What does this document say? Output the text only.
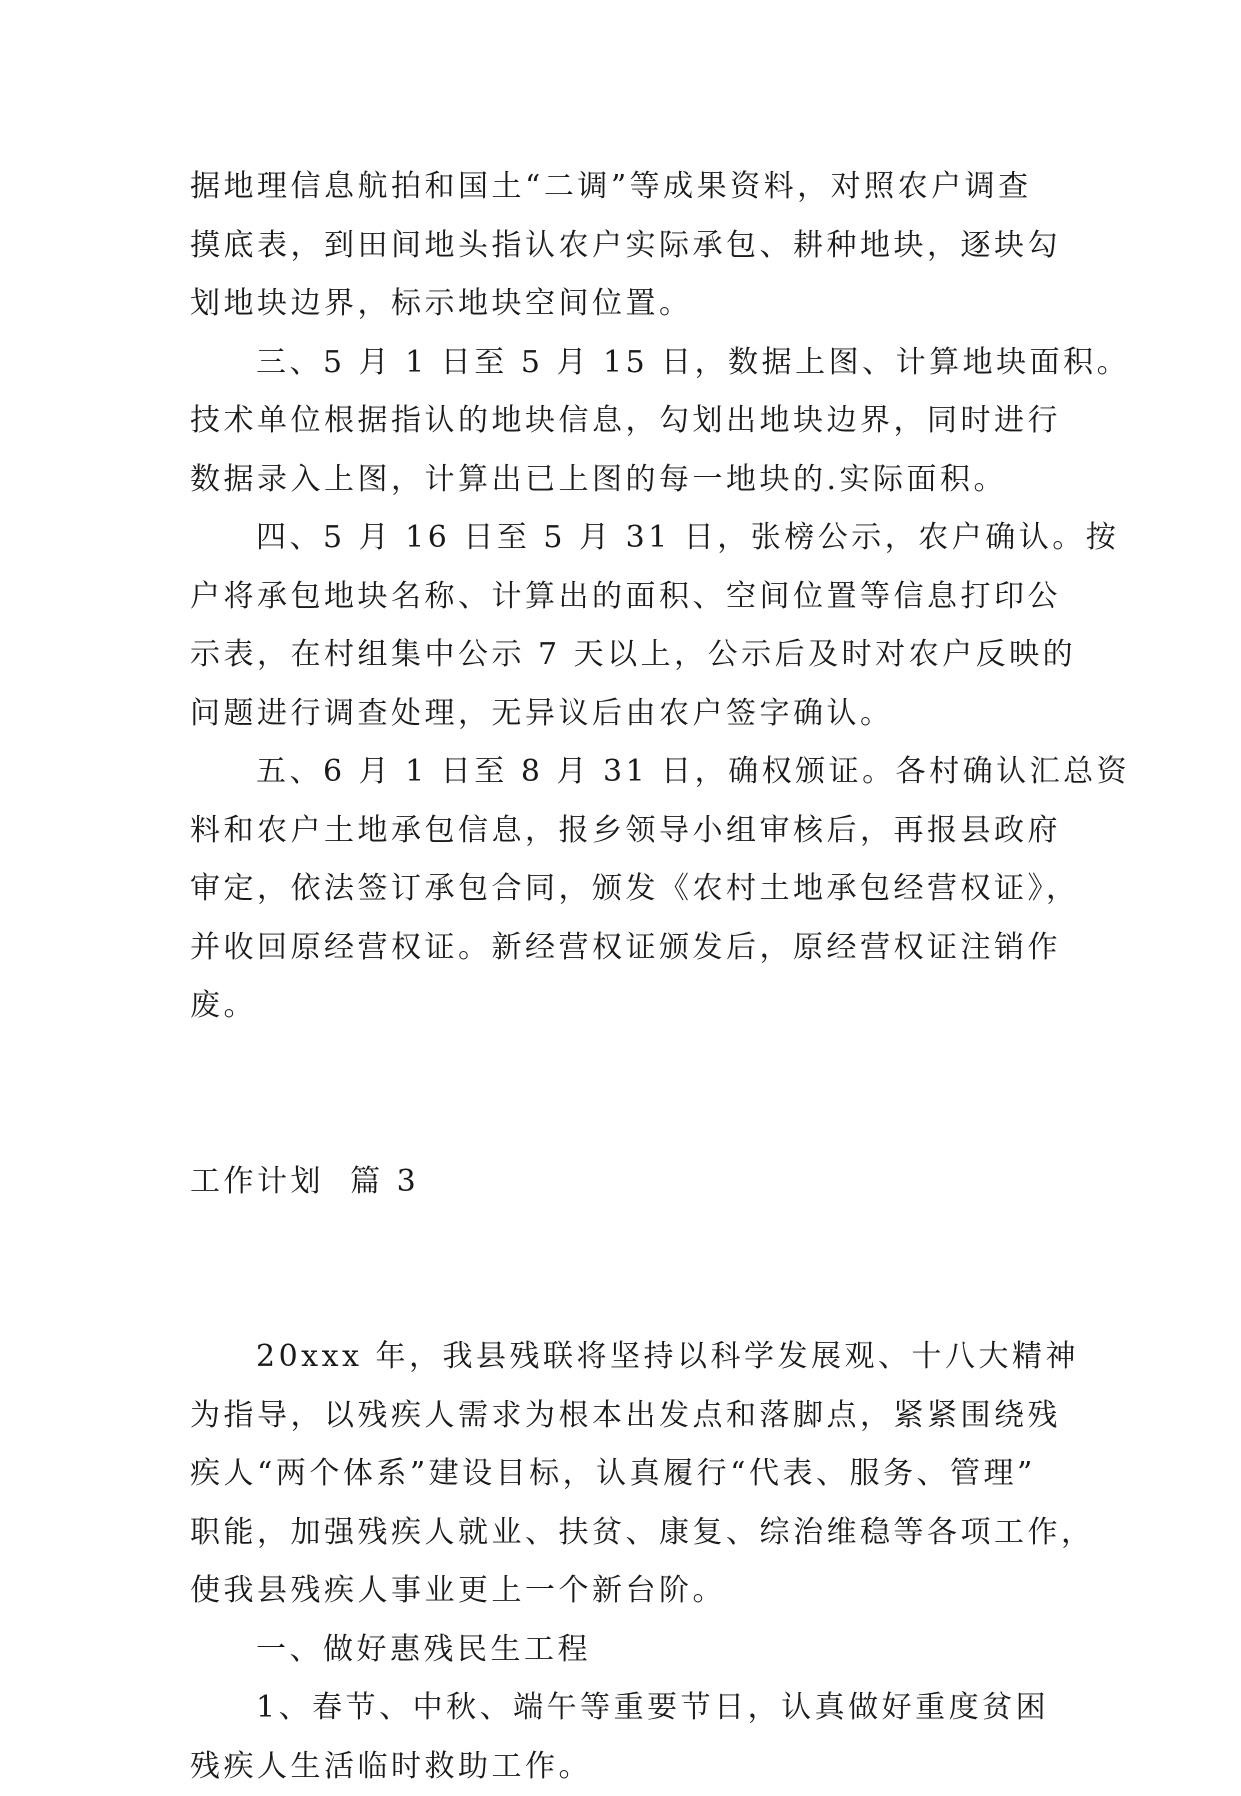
据地理信息航拍和国土“二调”等成果资料，对照农户调查
摸底表，到田间地头指认农户实际承包、耕种地块，逐块勾
划地块边界，标示地块空间位置。
三、5 月 1 日至 5 月 15 日，数据上图、计算地块面积。
技术单位根据指认的地块信息，勾划出地块边界，同时进行
数据录入上图，计算出已上图的每一地块的.实际面积。
四、5 月 16 日至 5 月 31 日，张榜公示，农户确认。按
户将承包地块名称、计算出的面积、空间位置等信息打印公
示表，在村组集中公示 7 天以上，公示后及时对农户反映的
问题进行调查处理，无异议后由农户签字确认。
五、6 月 1 日至 8 月 31 日，确权颁证。各村确认汇总资
料和农户土地承包信息，报乡领导小组审核后，再报县政府
审定，依法签订承包合同，颁发《农村土地承包经营权证》，
并收回原经营权证。新经营权证颁发后，原经营权证注销作
废。

工作计划  篇 3

20xxx 年，我县残联将坚持以科学发展观、十八大精神
为指导，以残疾人需求为根本出发点和落脚点，紧紧围绕残
疾人“两个体系”建设目标，认真履行“代表、服务、管理”
职能，加强残疾人就业、扶贫、康复、综治维稳等各项工作，
使我县残疾人事业更上一个新台阶。
一、做好惠残民生工程
1、春节、中秋、端午等重要节日，认真做好重度贫困
残疾人生活临时救助工作。
